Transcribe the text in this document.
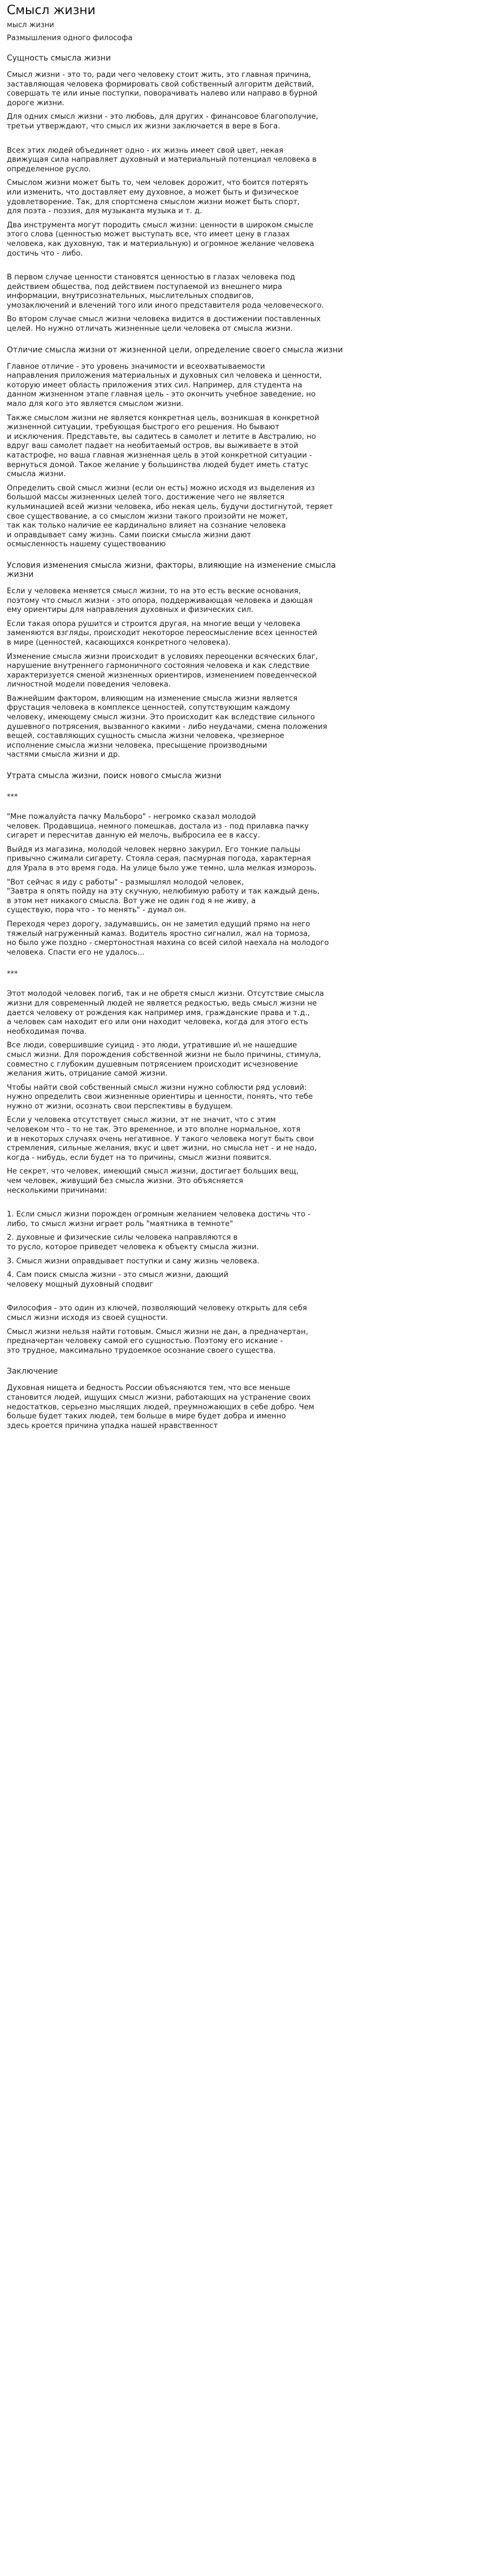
Смысл жизни
мысл жизни
Размышления одного философа
Сущность смысла жизни

Смысл жизни - это то, ради чего человеку стоит жить, это главная причина,
заставляющая человека формировать свой собственный алгоритм действий,
совершать те или иные поступки, поворачивать налево или направо в бурной
дороге жизни.

Для одних смысл жизни - это любовь, для других - финансовое благополучие,
третьи утверждают, что смысл их жизни заключается в вере в Бога.

Всех этих людей объединяет одно - их жизнь имеет свой цвет, некая
движущая сила направляет духовный и материальный потенциал человека в
определенное русло.

Смыслом жизни может быть то, чем человек дорожит, что боится потерять
или изменить, что доставляет ему духовное, а может быть и физическое
удовлетворение. Так, для спортсмена смыслом жизни может быть спорт,
для поэта - поэзия, для музыканта музыка и т. д.

Два инструмента могут породить смысл жизни: ценности в широком смысле
этого слова (ценностью может выступать все, что имеет цену в глазах
человека, как духовную, так и материальную) и огромное желание человека
достичь что - либо.

В первом случае ценности становятся ценностью в глазах человека под
действием общества, под действием поступаемой из внешнего мира
информации, внутрисознательных, мыслительных сподвигов,
умозаключений и влечений того или иного представителя рода человеческого.

Во втором случае смысл жизни человека видится в достижении поставленных
целей. Но нужно отличать жизненные цели человека от смысла жизни.

Отличие смысла жизни от жизненной цели, определение своего смысла жизни

Главное отличие - это уровень значимости и всеохватываемости
направления приложения материальных и духовных сил человека и ценности,
которую имеет область приложения этих сил. Например, для студента на
данном жизненном этапе главная цель - это окончить учебное заведение, но
мало для кого это является смыслом жизни.

Также смыслом жизни не является конкретная цель, возникшая в конкретной
жизненной ситуации, требующая быстрого его решения. Но бывают
и исключения. Представьте, вы садитесь в самолет и летите в Австралию, но
вдруг ваш самолет падает на необитаемый остров, вы выживаете в этой
катастрофе, но ваша главная жизненная цель в этой конкретной ситуации -
вернуться домой. Такое желание у большинства людей будет иметь статус
смысла жизни.

Определить свой смысл жизни (если он есть) можно исходя из выделения из
большой массы жизненных целей того, достижение чего не является
кульминацией всей жизни человека, ибо некая цель, будучи достигнутой, теряет
свое существование, а со смыслом жизни такого произойти не может,
так как только наличие ее кардинально влияет на сознание человека
и оправдывает саму жизнь. Сами поиски смысла жизни дают
осмысленность нашему существованию

Условия изменения смысла жизни, факторы, влияющие на изменение смысла
жизни

Если у человека меняется смысл жизни, то на это есть веские основания,
поэтому что смысл жизни - это опора, поддерживающая человека и дающая
ему ориентиры для направления духовных и физических сил.

Если такая опора рушится и строится другая, на многие вещи у человека
заменяются взгляды, происходит некоторое переосмысление всех ценностей
в мире (ценностей, касающихся конкретного человека).

Изменение смысла жизни происходит в условиях переоценки всяческих благ,
нарушение внутреннего гармоничного состояния человека и как следствие
характеризуется сменой жизненных ориентиров, изменением поведенческой
личностной модели поведения человека.

Важнейшим фактором, влияющим на изменение смысла жизни является
фрустация человека в комплексе ценностей, сопутствующим каждому
человеку, имеющему смысл жизни. Это происходит как вследствие сильного
душевного потрясения, вызванного какими - либо неудачами, смена положения
вещей, составляющих сущность смысла жизни человека, чрезмерное
исполнение смысла жизни человека, пресыщение производными
частями смысла жизни и др.

Утрата смысла жизни, поиск нового смысла жизни
***

"Мне пожалуйста пачку Мальборо" - негромко сказал молодой
человек. Продавщица, немного помешкав, достала из - под прилавка пачку
сигарет и пересчитав данную ей мелочь, выбросила ее в кассу.

Выйдя из магазина, молодой человек нервно закурил. Его тонкие пальцы
привычно сжимали сигарету. Стояла серая, пасмурная погода, характерная
для Урала в это время года. На улице было уже темно, шла мелкая изморозь.

"Вот сейчас я иду с работы" - размышлял молодой человек,
"Завтра я опять пойду на эту скучную, нелюбимую работу и так каждый день,
в этом нет никакого смысла. Вот уже не один год я не живу, а
существую, пора что - то менять" - думал он.

Переходя через дорогу, задумавшись, он не заметил едущий прямо на него
тяжелый нагруженный камаз. Водитель яростно сигналил, жал на тормоза,
но было уже поздно - смертоностная махина со всей силой наехала на молодого
человека. Спасти его не удалось...

***

Этот молодой человек погиб, так и не обретя смысл жизни. Отсутствие смысла
жизни для современный людей не является редкостью, ведь смысл жизни не
дается человеку от рождения как например имя, гражданские права и т.д.,
а человек сам находит его или они находит человека, когда для этого есть
необходимая почва.

Все люди, совершившие суицид - это люди, утратившие и\ не нашедшие
смысл жизни. Для порождения собственной жизни не было причины, стимула,
совместно с глубоким душевным потрясением происходит исчезновение
желания жить, отрицание самой жизни.

Чтобы найти свой собственный смысл жизни нужно соблюсти ряд условий:
нужно определить свои жизненные ориентиры и ценности, понять, что тебе
нужно от жизни, осознать свои перспективы в будущем.

Если у человека отсутствует смысл жизни, эт не значит, что с этим
человеком что - то не так. Это временное, и это вполне нормальное, хотя
и в некоторых случаях очень негативное. У такого человека могут быть свои
стремления, сильные желания, вкус и цвет жизни, но смысла нет - и не надо,
когда - нибудь, если будет на то причины, смысл жизни появится.

Не секрет, что человек, имеющий смысл жизни, достигает больших вещ,
чем человек, живущий без смысла жизни. Это объясняется
несколькими причинами:

1. Если смысл жизни порожден огромным желанием человека достичь что -
либо, то смысл жизни играет роль "маятника в темноте"

2. духовные и физические силы человека направляются в
то русло, которое приведет человека к объекту смысла жизни.

3. Смысл жизни оправдывает поступки и саму жизнь человека.

4. Сам поиск смысла жизни - это смысл жизни, дающий
человеку мощный духовный сподвиг

Философия - это один из ключей, позволяющий человеку открыть для себя
смысл жизни исходя из своей сущности.

Смысл жизни нельзя найти готовым. Смысл жизни не дан, а предначертан,
предначертан человеку самой его сущностью. Поэтому его искание -
это трудное, максимально трудоемкое осознание своего существа.

Заключение

Духовная нищета и бедность России объясняются тем, что все меньше
становится людей, ищущих смысл жизни, работающих на устранение своих
недостатков, серьезно мыслящих людей, преумножающих в себе добро. Чем
больше будет таких людей, тем больше в мире будет добра и именно
здесь кроется причина упадка нашей нравственност
